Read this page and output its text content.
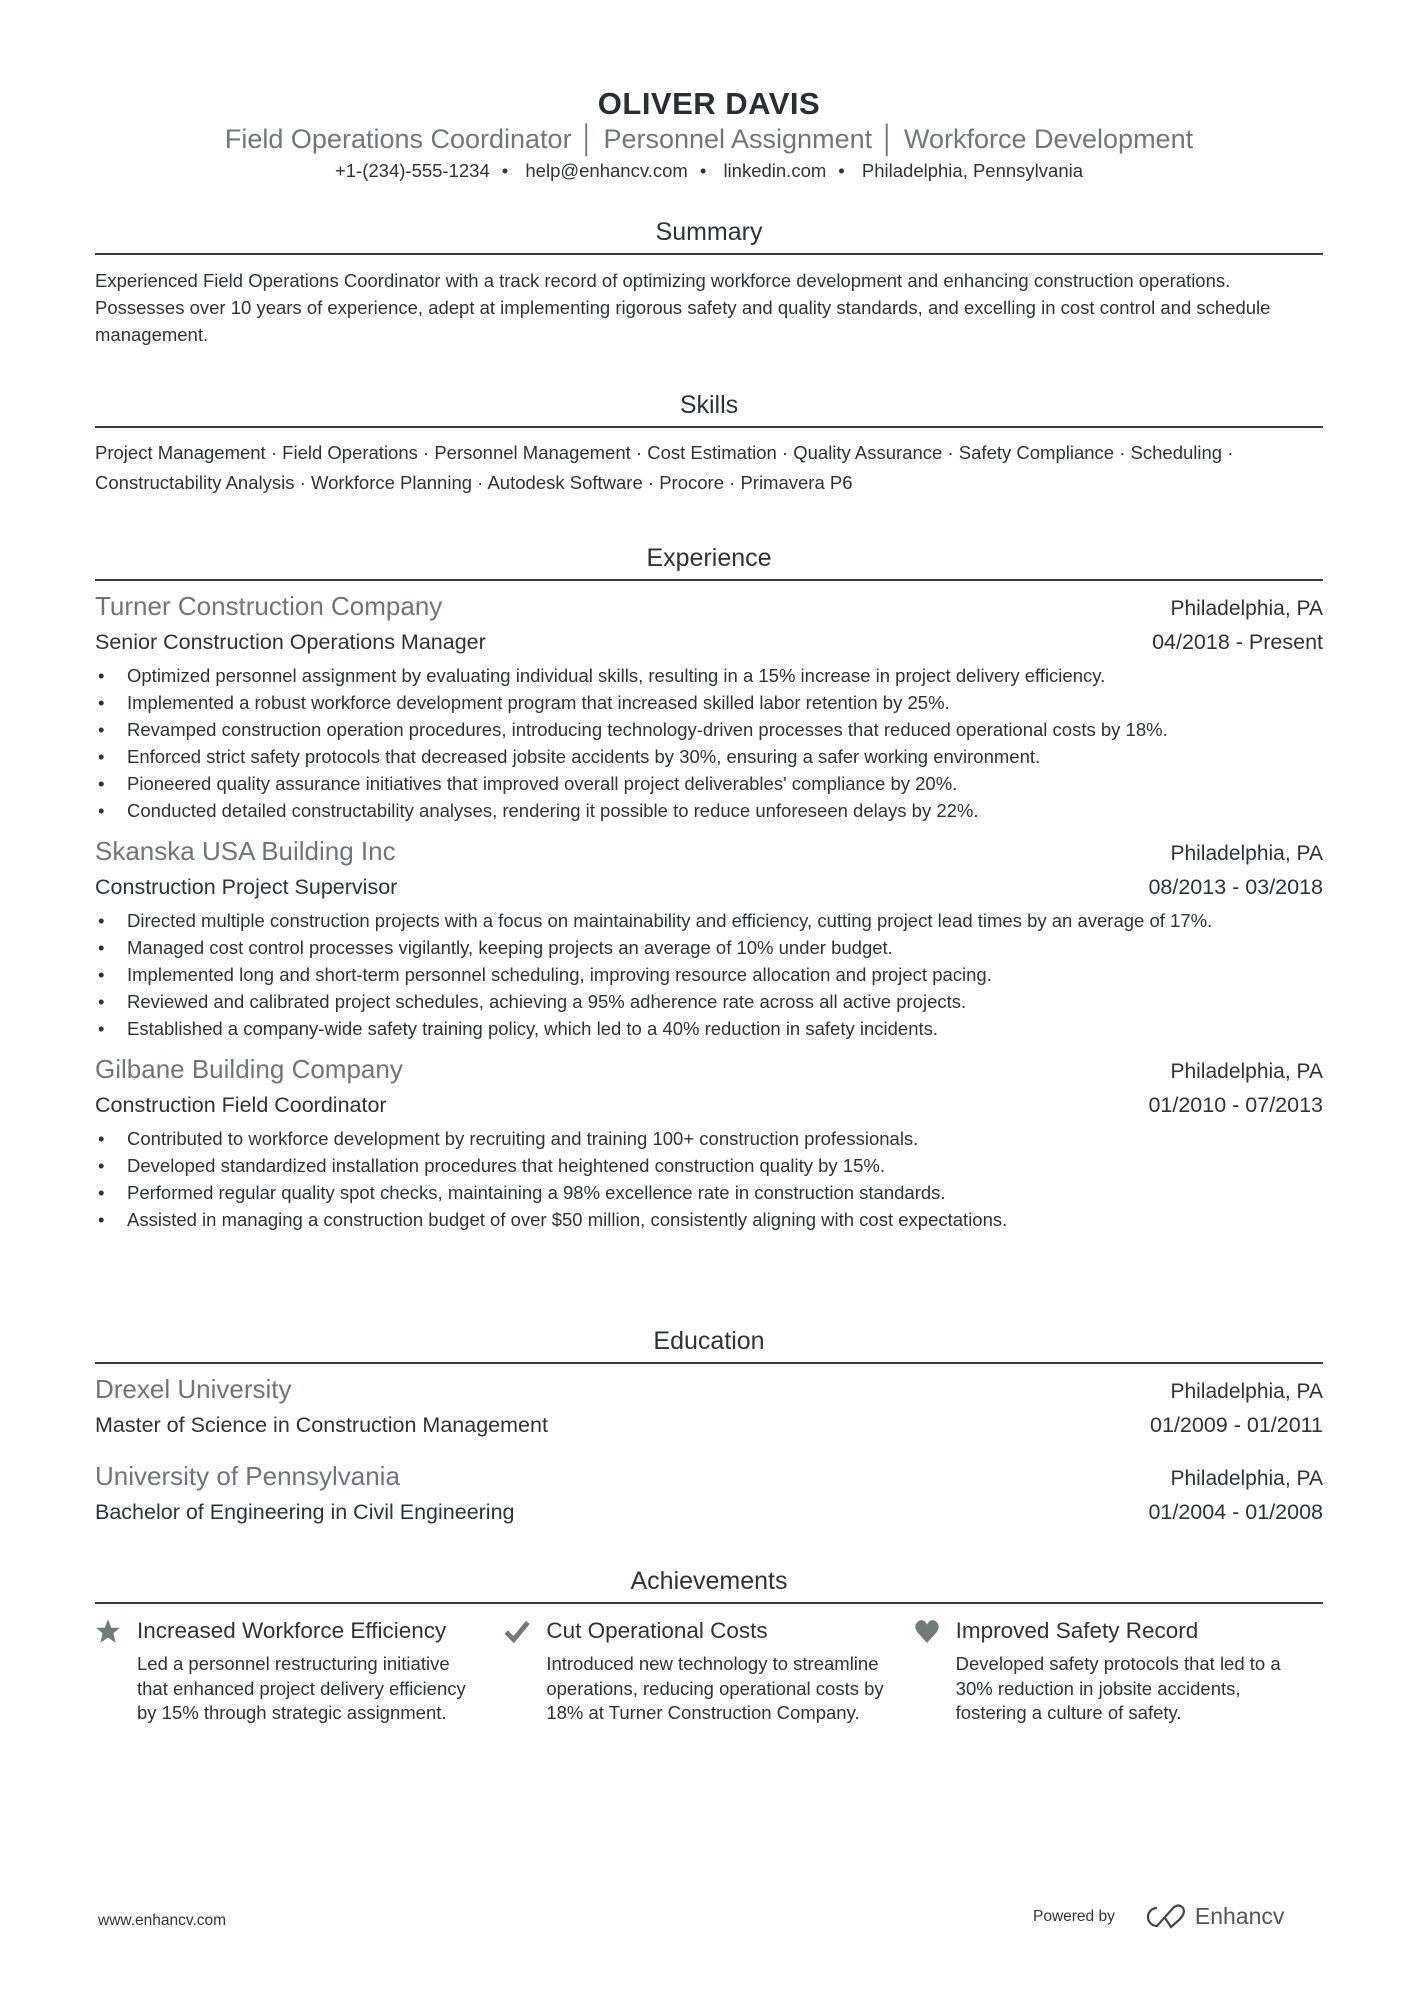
OLIVER DAVIS
Field Operations Coordinator │ Personnel Assignment │ Workforce Development
+1-(234)-555-1234 • help@enhancv.com • linkedin.com • Philadelphia, Pennsylvania
Summary
Experienced Field Operations Coordinator with a track record of optimizing workforce development and enhancing construction operations. Possesses over 10 years of experience, adept at implementing rigorous safety and quality standards, and excelling in cost control and schedule management.
Skills
Project Management · Field Operations · Personnel Management · Cost Estimation · Quality Assurance · Safety Compliance · Scheduling · Constructability Analysis · Workforce Planning · Autodesk Software · Procore · Primavera P6
Experience
Turner Construction Company	Philadelphia, PA
Senior Construction Operations Manager	04/2018 - Present
• Optimized personnel assignment by evaluating individual skills, resulting in a 15% increase in project delivery efficiency.
• Implemented a robust workforce development program that increased skilled labor retention by 25%.
• Revamped construction operation procedures, introducing technology-driven processes that reduced operational costs by 18%.
• Enforced strict safety protocols that decreased jobsite accidents by 30%, ensuring a safer working environment.
• Pioneered quality assurance initiatives that improved overall project deliverables' compliance by 20%.
• Conducted detailed constructability analyses, rendering it possible to reduce unforeseen delays by 22%.
Skanska USA Building Inc	Philadelphia, PA
Construction Project Supervisor	08/2013 - 03/2018
• Directed multiple construction projects with a focus on maintainability and efficiency, cutting project lead times by an average of 17%.
• Managed cost control processes vigilantly, keeping projects an average of 10% under budget.
• Implemented long and short-term personnel scheduling, improving resource allocation and project pacing.
• Reviewed and calibrated project schedules, achieving a 95% adherence rate across all active projects.
• Established a company-wide safety training policy, which led to a 40% reduction in safety incidents.
Gilbane Building Company	Philadelphia, PA
Construction Field Coordinator	01/2010 - 07/2013
• Contributed to workforce development by recruiting and training 100+ construction professionals.
• Developed standardized installation procedures that heightened construction quality by 15%.
• Performed regular quality spot checks, maintaining a 98% excellence rate in construction standards.
• Assisted in managing a construction budget of over $50 million, consistently aligning with cost expectations.
Education
Drexel University	Philadelphia, PA
Master of Science in Construction Management	01/2009 - 01/2011
University of Pennsylvania	Philadelphia, PA
Bachelor of Engineering in Civil Engineering	01/2004 - 01/2008
Achievements
Increased Workforce Efficiency
Led a personnel restructuring initiative that enhanced project delivery efficiency by 15% through strategic assignment.
Cut Operational Costs
Introduced new technology to streamline operations, reducing operational costs by 18% at Turner Construction Company.
Improved Safety Record
Developed safety protocols that led to a 30% reduction in jobsite accidents, fostering a culture of safety.
www.enhancv.com	Powered by	Enhancv
